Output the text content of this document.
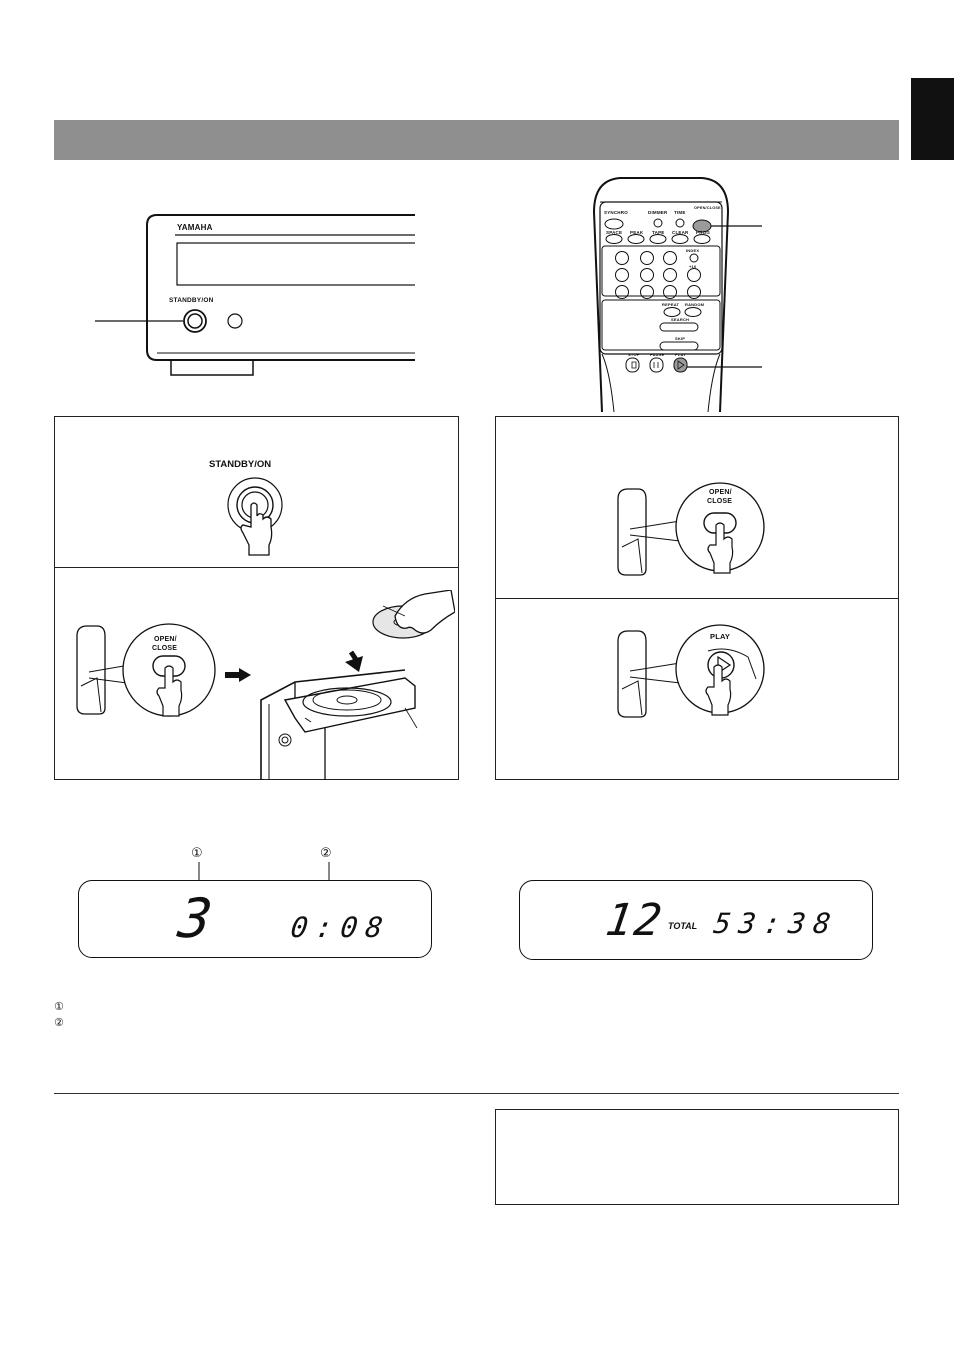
YAMAHA
STANDBY/ON
SYNCHRO	DIMMER TIME
OPEN/CLOSE
SPACE PEAK TAPE CLEAR PROG
INDEX
+10
REPEAT RANDOM
SEARCH
SKIP
STOP	PAUSE	PLAY
STANDBY/ON
OPEN/
CLOSE
OPEN/
CLOSE
PLAY
①	②
3 0:08	12 TOTAL 53:38
①
②
